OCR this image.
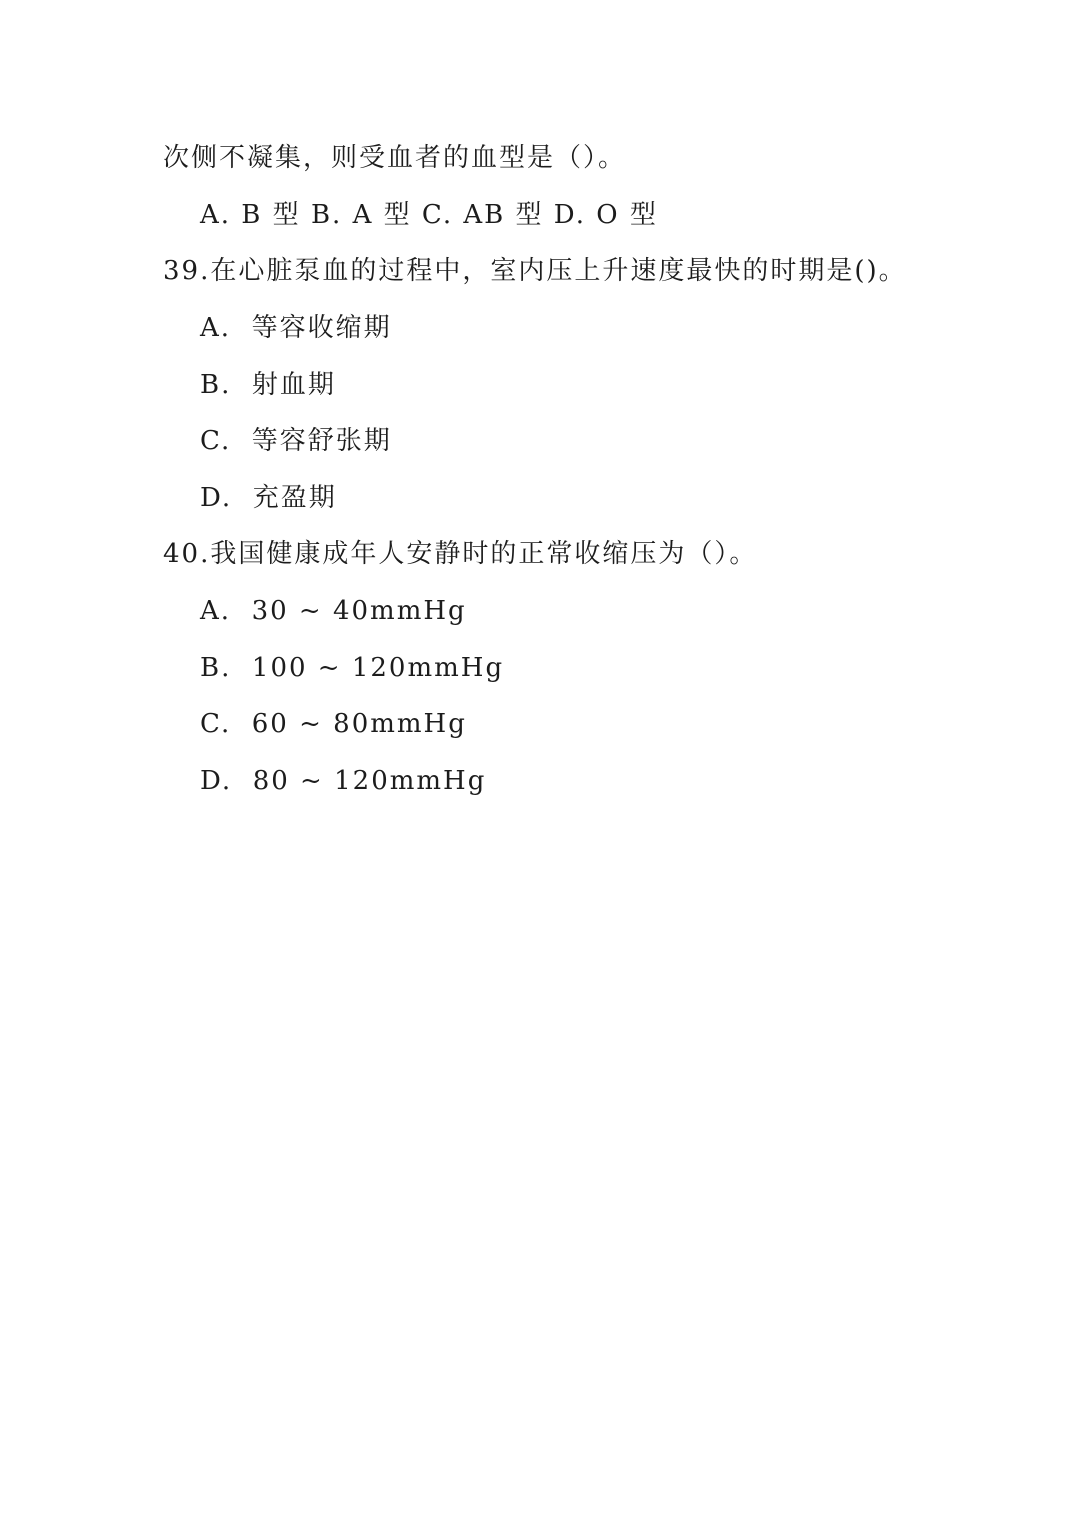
次侧不凝集，则受血者的血型是（）。
A. B 型 B. A 型 C. AB 型 D. O 型
39.在心脏泵血的过程中，室内压上升速度最快的时期是()。
A.  等容收缩期
B.  射血期
C.  等容舒张期
D.  充盈期
40.我国健康成年人安静时的正常收缩压为（）。
A.  30 ~ 40mmHg
B.  100 ~ 120mmHg
C.  60 ~ 80mmHg
D.  80 ~ 120mmHg
